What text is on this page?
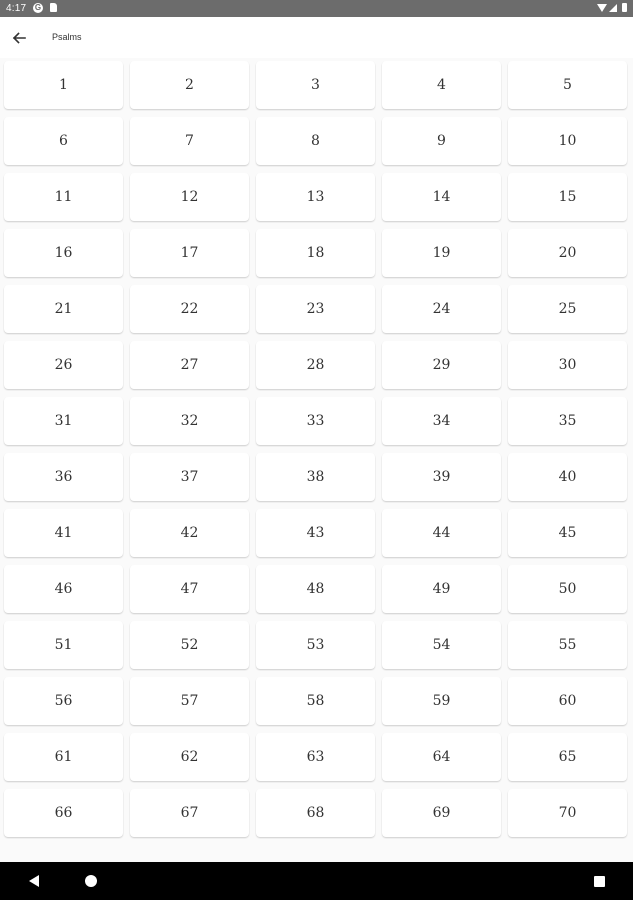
4:17 G
Psalms
1	2	3	4	5
6	7	8	9	10
11	12	13	14	15
16	17	18	19	20
21	22	23	24	25
26	27	28	29	30
31	32	33	34	35
36	37	38	39	40
41	42	43	44	45
46	47	48	49	50
51	52	53	54	55
56	57	58	59	60
61	62	63	64	65
66	67	68	69	70
